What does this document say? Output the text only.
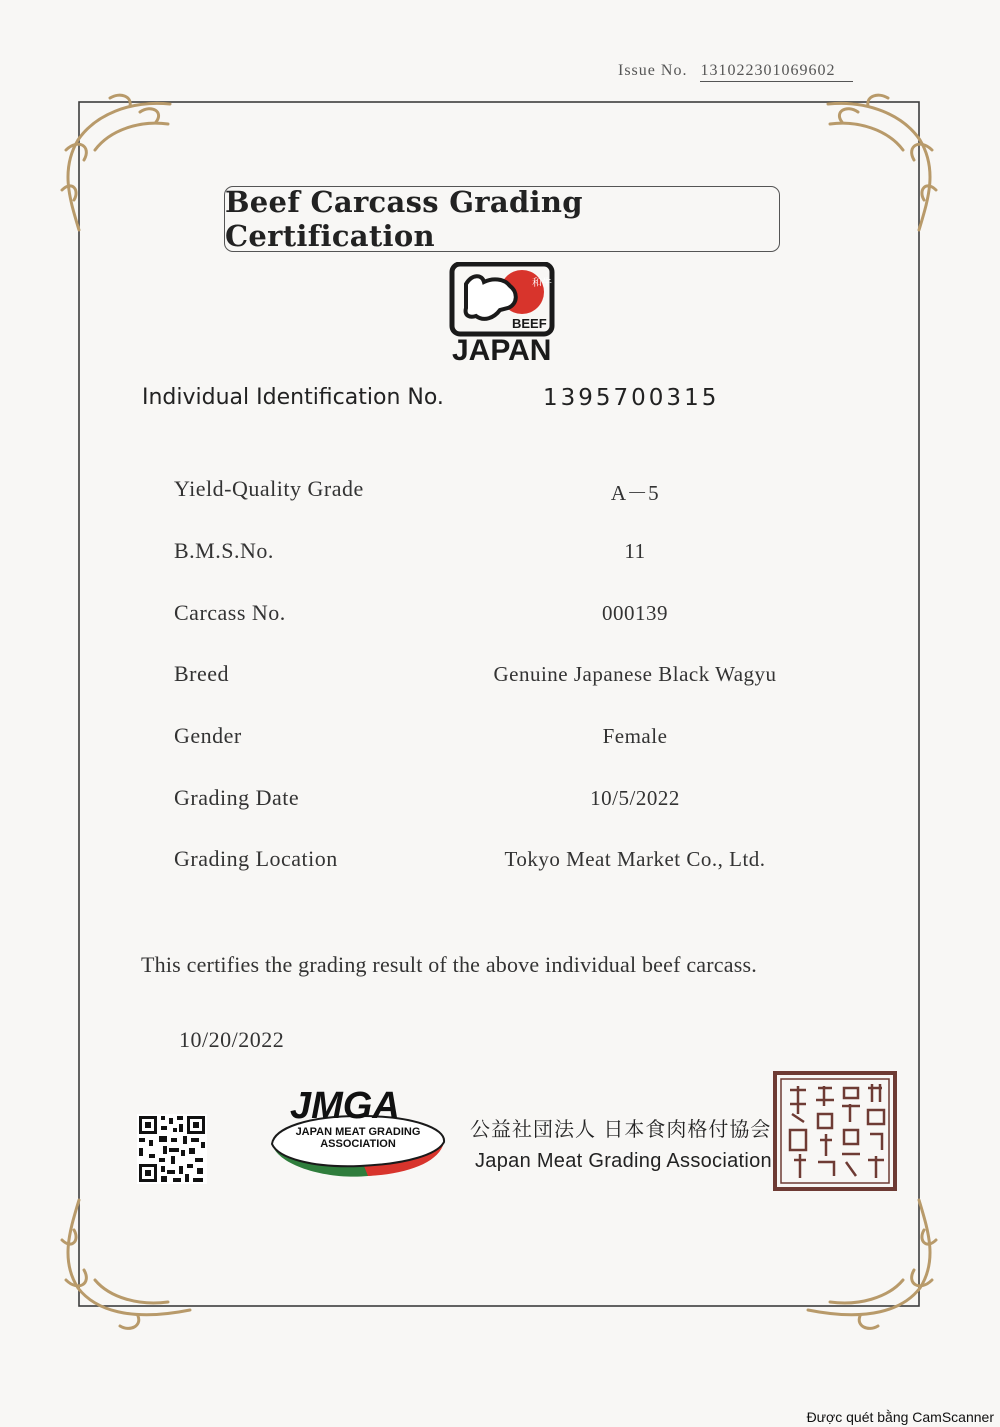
Issue No. 131022301069602
Beef Carcass Grading Certification
和牛
BEEF
JAPAN
Individual Identification No.	1395700315
Yield-Quality Grade	A－5
B.M.S.No.	11
Carcass No.	000139
Breed	Genuine Japanese Black Wagyu
Gender	Female
Grading Date	10/5/2022
Grading Location	Tokyo Meat Market Co., Ltd.
This certifies the grading result of the above individual beef carcass.
10/20/2022
JMGA
JAPAN MEAT GRADING
ASSOCIATION
公益社団法人 日本食肉格付協会
Japan Meat Grading Association
Được quét bằng CamScanner
